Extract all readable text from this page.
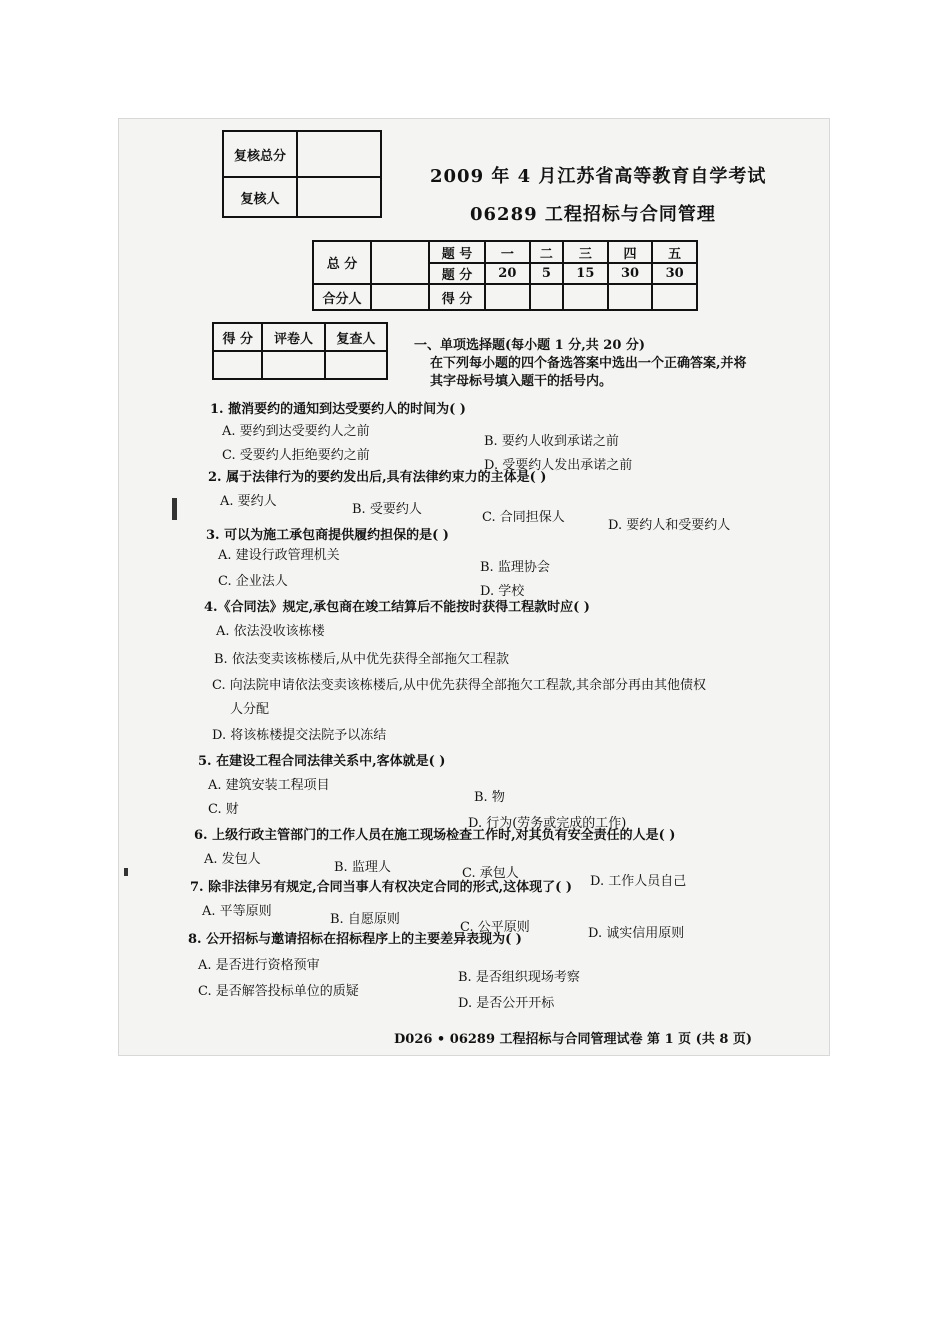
复核总分	
复核人	
2009 年 4 月江苏省高等教育自学考试
06289 工程招标与合同管理
总 分		题 号	一	二	三	四	五
		题 分	20	5	15	30	30
合分人		得 分					
得 分	评卷人	复查人
			一、单项选择题(每小题 1 分,共 20 分)
在下列每小题的四个备选答案中选出一个正确答案,并将
其字母标号填入题干的括号内。
1. 撤消要约的通知到达受要约人的时间为( )
A. 要约到达受要约人之前
B. 要约人收到承诺之前
C. 受要约人拒绝要约之前
D. 受要约人发出承诺之前
2. 属于法律行为的要约发出后,具有法律约束力的主体是( )
A. 要约人
B. 受要约人
C. 合同担保人
D. 要约人和受要约人
3. 可以为施工承包商提供履约担保的是( )
A. 建设行政管理机关
B. 监理协会
C. 企业法人
D. 学校
4.《合同法》规定,承包商在竣工结算后不能按时获得工程款时应( )
A. 依法没收该栋楼
B. 依法变卖该栋楼后,从中优先获得全部拖欠工程款
C. 向法院申请依法变卖该栋楼后,从中优先获得全部拖欠工程款,其余部分再由其他债权
人分配
D. 将该栋楼提交法院予以冻结
5. 在建设工程合同法律关系中,客体就是( )
A. 建筑安装工程项目
B. 物
C. 财
D. 行为(劳务或完成的工作)
6. 上级行政主管部门的工作人员在施工现场检查工作时,对其负有安全责任的人是( )
A. 发包人
B. 监理人	C. 承包人
D. 工作人员自己
7. 除非法律另有规定,合同当事人有权决定合同的形式,这体现了( )
A. 平等原则
B. 自愿原则
C. 公平原则	D. 诚实信用原则
8. 公开招标与邀请招标在招标程序上的主要差异表现为( )
A. 是否进行资格预审
B. 是否组织现场考察
C. 是否解答投标单位的质疑
D. 是否公开开标
D026 • 06289 工程招标与合同管理试卷 第 1 页 (共 8 页)
